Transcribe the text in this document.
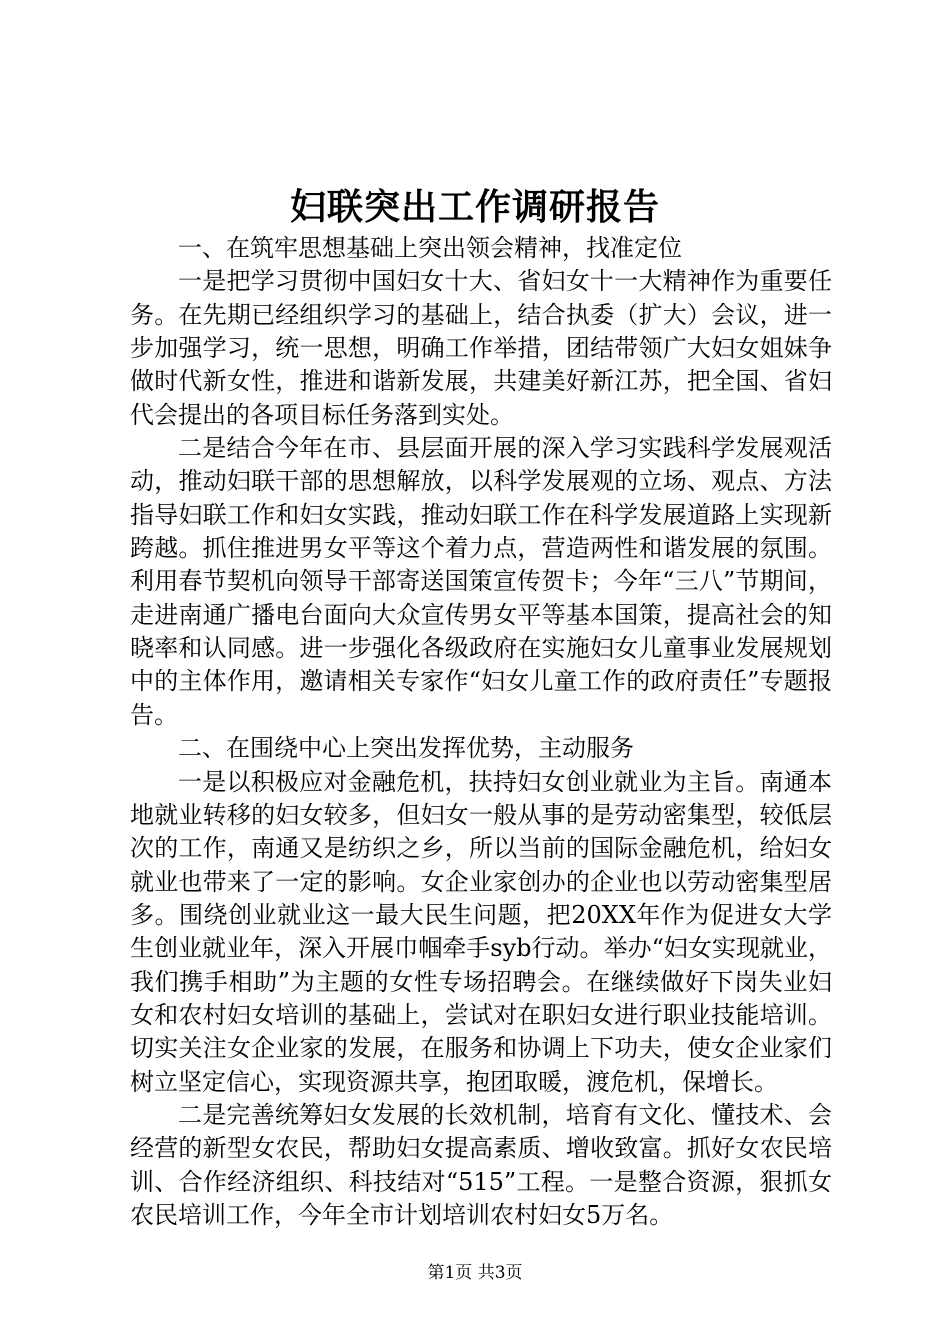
妇联突出工作调研报告

一、在筑牢思想基础上突出领会精神，找准定位

一是把学习贯彻中国妇女十大、省妇女十一大精神作为重要任务。在先期已经组织学习的基础上，结合执委（扩大）会议，进一步加强学习，统一思想，明确工作举措，团结带领广大妇女姐妹争做时代新女性，推进和谐新发展，共建美好新江苏，把全国、省妇代会提出的各项目标任务落到实处。

二是结合今年在市、县层面开展的深入学习实践科学发展观活动，推动妇联干部的思想解放，以科学发展观的立场、观点、方法指导妇联工作和妇女实践，推动妇联工作在科学发展道路上实现新跨越。抓住推进男女平等这个着力点，营造两性和谐发展的氛围。利用春节契机向领导干部寄送国策宣传贺卡；今年“三八”节期间，走进南通广播电台面向大众宣传男女平等基本国策，提高社会的知晓率和认同感。进一步强化各级政府在实施妇女儿童事业发展规划中的主体作用，邀请相关专家作“妇女儿童工作的政府责任”专题报告。

二、在围绕中心上突出发挥优势，主动服务

一是以积极应对金融危机，扶持妇女创业就业为主旨。南通本地就业转移的妇女较多，但妇女一般从事的是劳动密集型，较低层次的工作，南通又是纺织之乡，所以当前的国际金融危机，给妇女就业也带来了一定的影响。女企业家创办的企业也以劳动密集型居多。围绕创业就业这一最大民生问题，把20XX年作为促进女大学生创业就业年，深入开展巾帼牵手syb行动。举办“妇女实现就业，我们携手相助”为主题的女性专场招聘会。在继续做好下岗失业妇女和农村妇女培训的基础上，尝试对在职妇女进行职业技能培训。切实关注女企业家的发展，在服务和协调上下功夫，使女企业家们树立坚定信心，实现资源共享，抱团取暖，渡危机，保增长。

二是完善统筹妇女发展的长效机制，培育有文化、懂技术、会经营的新型女农民，帮助妇女提高素质、增收致富。抓好女农民培训、合作经济组织、科技结对“515”工程。一是整合资源，狠抓女农民培训工作，今年全市计划培训农村妇女5万名。

第1页 共3页
